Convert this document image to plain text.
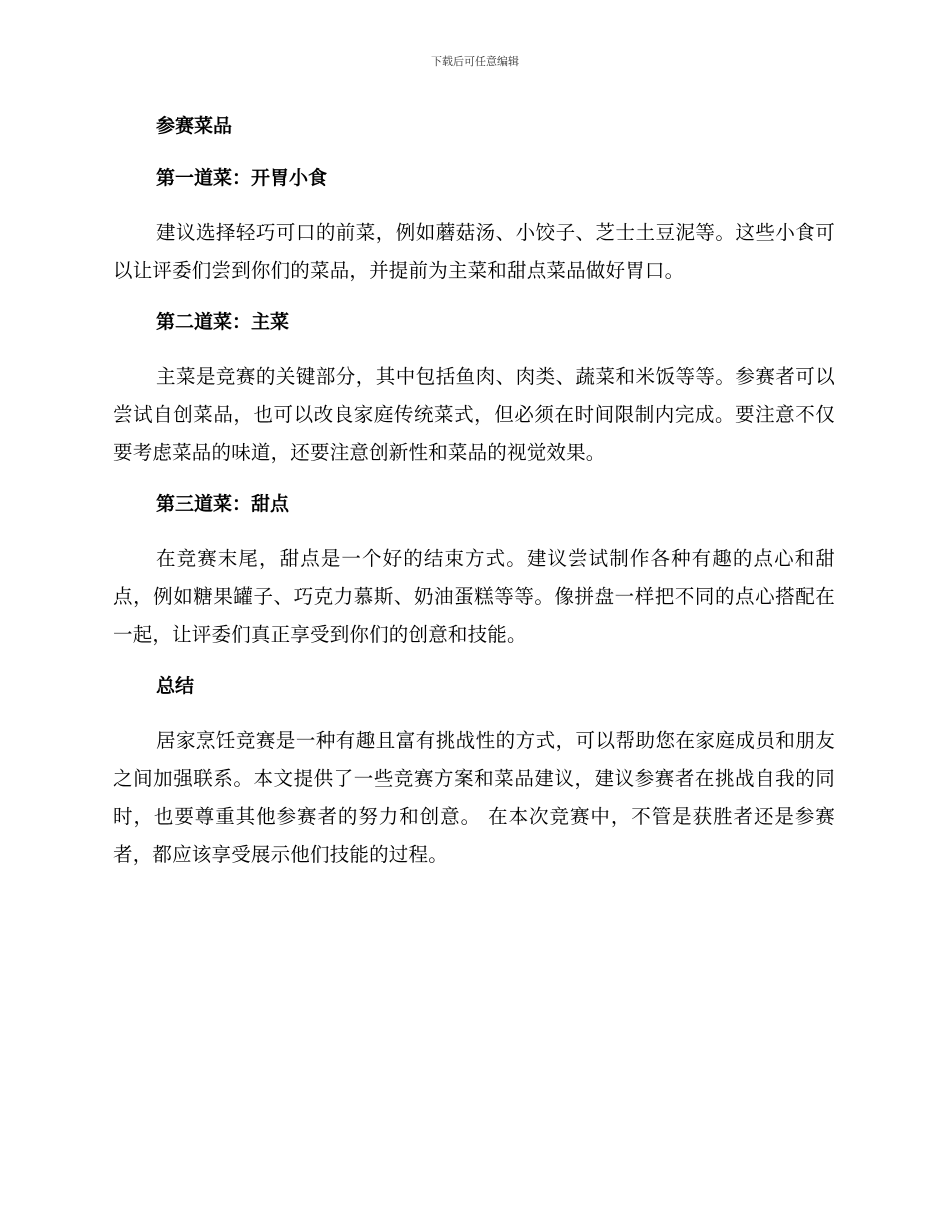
下载后可任意编辑
参赛菜品
第一道菜：开胃小食

建议选择轻巧可口的前菜，例如蘑菇汤、小饺子、芝士土豆泥等。这些小食可以让评委们尝到你们的菜品，并提前为主菜和甜点菜品做好胃口。

第二道菜：主菜

主菜是竞赛的关键部分，其中包括鱼肉、肉类、蔬菜和米饭等等。参赛者可以尝试自创菜品，也可以改良家庭传统菜式，但必须在时间限制内完成。要注意不仅要考虑菜品的味道，还要注意创新性和菜品的视觉效果。

第三道菜：甜点

在竞赛末尾，甜点是一个好的结束方式。建议尝试制作各种有趣的点心和甜点，例如糖果罐子、巧克力慕斯、奶油蛋糕等等。像拼盘一样把不同的点心搭配在一起，让评委们真正享受到你们的创意和技能。

总结

居家烹饪竞赛是一种有趣且富有挑战性的方式，可以帮助您在家庭成员和朋友之间加强联系。本文提供了一些竞赛方案和菜品建议，建议参赛者在挑战自我的同时，也要尊重其他参赛者的努力和创意。 在本次竞赛中，不管是获胜者还是参赛者，都应该享受展示他们技能的过程。
